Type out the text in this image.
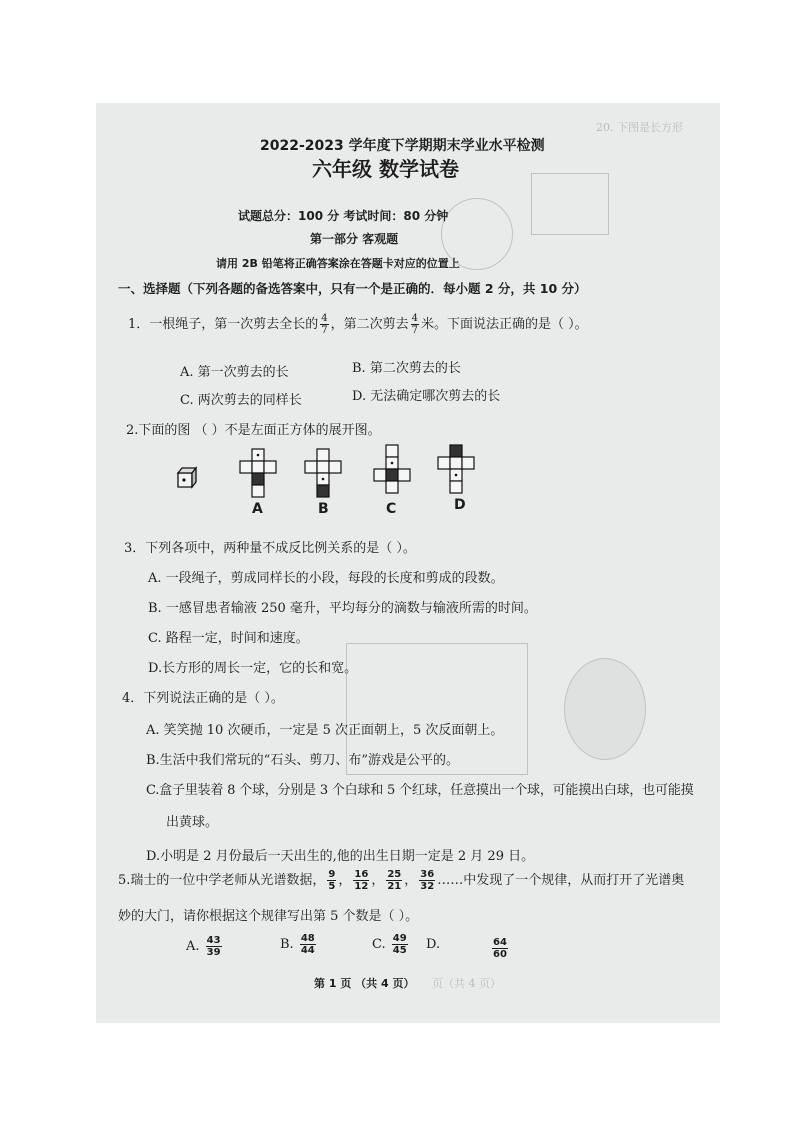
20. 下图是长方形
2022-2023 学年度下学期期末学业水平检测
六年级 数学试卷
试题总分：100 分 考试时间：80 分钟
第一部分 客观题
请用 2B 铅笔将正确答案涂在答题卡对应的位置上
一、选择题（下列各题的备选答案中，只有一个是正确的．每小题 2 分，共 10 分）
1．一根绳子，第一次剪去全长的 $\frac{4}{7}$ ，第二次剪去 $\frac{4}{7}$ 米。下面说法正确的是（ ）。
A. 第一次剪去的长	B. 第二次剪去的长
C. 两次剪去的同样长	D. 无法确定哪次剪去的长
2.下面的图 （ ）不是左面正方体的展开图。
A	B	C	D
3．下列各项中，两种量不成反比例关系的是（ ）。
A. 一段绳子，剪成同样长的小段，每段的长度和剪成的段数。
B. 一感冒患者输液 250 毫升，平均每分的滴数与输液所需的时间。
C. 路程一定，时间和速度。
D.长方形的周长一定，它的长和宽。
4．下列说法正确的是（ ）。
A. 笑笑抛 10 次硬币，一定是 5 次正面朝上，5 次反面朝上。
B.生活中我们常玩的“石头、剪刀、布”游戏是公平的。
C.盒子里装着 8 个球，分别是 3 个白球和 5 个红球，任意摸出一个球，可能摸出白球，也可能摸
出黄球。
D.小明是 2 月份最后一天出生的,他的出生日期一定是 2 月 29 日。
5.瑞士的一位中学老师从光谱数据， $\frac{9}{5}$ ， $\frac{16}{12}$ ， $\frac{25}{21}$ ， $\frac{36}{32}$ ……中发现了一个规律，从而打开了光谱奥
妙的大门，请你根据这个规律写出第 5 个数是（ ）。
A. $\frac{43}{39}$	B. $\frac{48}{44}$	C. $\frac{49}{45} D$.	$\frac{64}{60}$
第 1 页 （共 4 页） 页（共 4 页）
